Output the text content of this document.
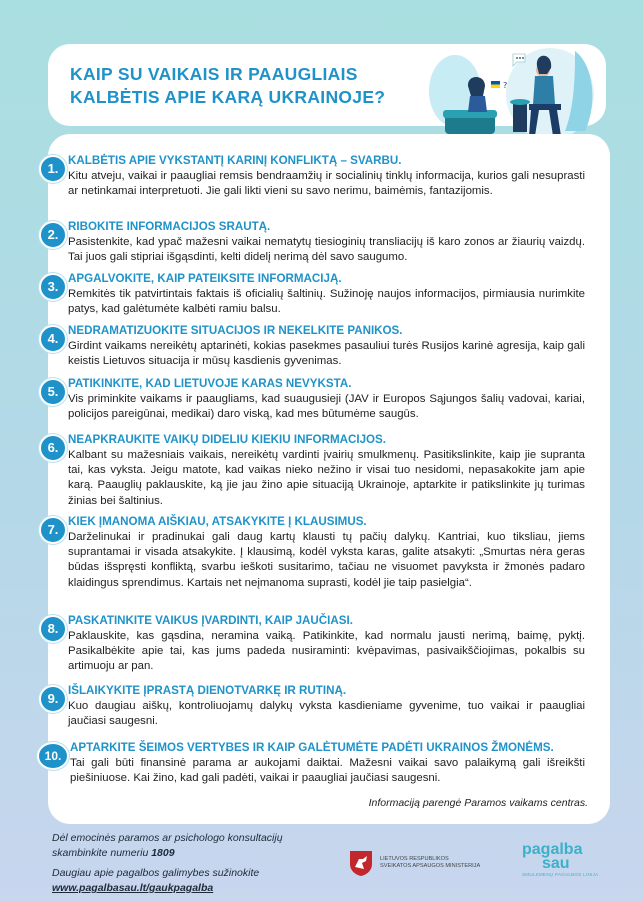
KAIP SU VAIKAIS IR PAAUGLIAIS
KALBĖTIS APIE KARĄ UKRAINOJE?
?
1.
KALBĖTIS APIE VYKSTANTĮ KARINĮ KONFLIKTĄ – SVARBU.
Kitu atveju, vaikai ir paaugliai remsis bendraamžių ir socialinių tinklų informacija, kurios gali nesuprasti ar netinkamai interpretuoti. Jie gali likti vieni su savo nerimu, baimėmis, fantazijomis.
2.
RIBOKITE INFORMACIJOS SRAUTĄ.
Pasistenkite, kad ypač mažesni vaikai nematytų tiesioginių transliacijų iš karo zonos ar žiaurių vaizdų. Tai juos gali stipriai išgąsdinti, kelti didelį nerimą dėl savo saugumo.
3.
APGALVOKITE, KAIP PATEIKSITE INFORMACIJĄ.
Remkitės tik patvirtintais faktais iš oficialių šaltinių. Sužinoję naujos informacijos, pirmiausia nurimkite patys, kad galėtumėte kalbėti ramiu balsu.
4.
NEDRAMATIZUOKITE SITUACIJOS IR NEKELKITE PANIKOS.
Girdint vaikams nereikėtų aptarinėti, kokias pasekmes pasauliui turės Rusijos karinė agresija, kaip gali keistis Lietuvos situacija ir mūsų kasdienis gyvenimas.
5.
PATIKINKITE, KAD LIETUVOJE KARAS NEVYKSTA.
Vis priminkite vaikams ir paaugliams, kad suaugusieji (JAV ir Europos Sąjungos šalių vadovai, kariai, policijos pareigūnai, medikai) daro viską, kad mes būtumėme saugūs.
6.
NEAPKRAUKITE VAIKŲ DIDELIU KIEKIU INFORMACIJOS.
Kalbant su mažesniais vaikais, nereikėtų vardinti įvairių smulkmenų. Pasitikslinkite, kaip jie supranta tai, kas vyksta. Jeigu matote, kad vaikas nieko nežino ir visai tuo nesidomi, nepasakokite jam apie karą. Paauglių paklauskite, ką jie jau žino apie situaciją Ukrainoje, aptarkite ir patikslinkite jų turimas žinias bei šaltinius.
7.
KIEK ĮMANOMA AIŠKIAU, ATSAKYKITE Į KLAUSIMUS.
Darželinukai ir pradinukai gali daug kartų klausti tų pačių dalykų. Kantriai, kuo tiksliau, jiems suprantamai ir visada atsakykite. Į klausimą, kodėl vyksta karas, galite atsakyti: „Smurtas nėra geras būdas išspręsti konfliktą, svarbu ieškoti susitarimo, tačiau ne visuomet pavyksta ir žmonės padaro klaidingus sprendimus. Kartais net neįmanoma suprasti, kodėl jie taip pasielgia“.
8.
PASKATINKITE VAIKUS ĮVARDINTI, KAIP JAUČIASI.
Paklauskite, kas gąsdina, neramina vaiką. Patikinkite, kad normalu jausti nerimą, baimę, pyktį. Pasikalbėkite apie tai, kas jums padeda nusiraminti: kvėpavimas, pasivaikščiojimas, pokalbis su artimuoju ar pan.
9.
IŠLAIKYKITE ĮPRASTĄ DIENOTVARKĘ IR RUTINĄ.
Kuo daugiau aiškų, kontroliuojamų dalykų vyksta kasdieniame gyvenime, tuo vaikai ir paaugliai jaučiasi saugesni.
10.
APTARKITE ŠEIMOS VERTYBES IR KAIP GALĖTUMĖTE PADĖTI UKRAINOS ŽMONĖMS.
Tai gali būti finansinė parama ar aukojami daiktai. Mažesni vaikai savo palaikymą gali išreikšti piešiniuose. Kai žino, kad gali padėti, vaikai ir paaugliai jaučiasi saugesni.
Informaciją parengė Paramos vaikams centras.
Dėl emocinės paramos ar psichologo konsultacijų
skambinkite numeriu 1809
Daugiau apie pagalbos galimybes sužinokite
www.pagalbasau.lt/gaukpagalba
LIETUVOS RESPUBLIKOS
SVEIKATOS APSAUGOS MINISTERIJA
pagalba
sau
SMULKMENŲ PAGALBOS LINIJA
